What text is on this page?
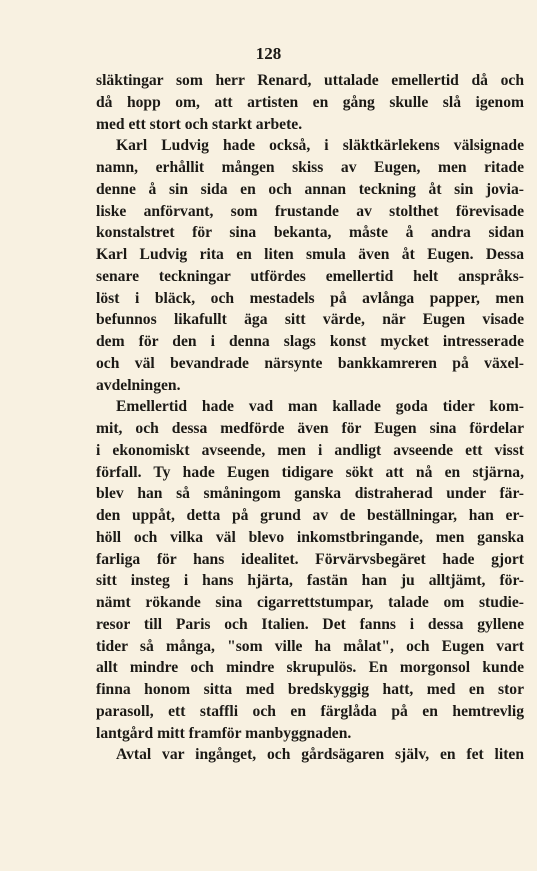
128
släktingar som herr Renard, uttalade emellertid då och
då hopp om, att artisten en gång skulle slå igenom
med ett stort och starkt arbete.
Karl Ludvig hade också, i släktkärlekens välsignade
namn, erhållit mången skiss av Eugen, men ritade
denne å sin sida en och annan teckning åt sin jovia-
liske anförvant, som frustande av stolthet förevisade
konstalstret för sina bekanta, måste å andra sidan
Karl Ludvig rita en liten smula även åt Eugen. Dessa
senare teckningar utfördes emellertid helt anspråks-
löst i bläck, och mestadels på avlånga papper, men
befunnos likafullt äga sitt värde, när Eugen visade
dem för den i denna slags konst mycket intresserade
och väl bevandrade närsynte bankkamreren på växel-
avdelningen.
Emellertid hade vad man kallade goda tider kom-
mit, och dessa medförde även för Eugen sina fördelar
i ekonomiskt avseende, men i andligt avseende ett visst
förfall. Ty hade Eugen tidigare sökt att nå en stjärna,
blev han så småningom ganska distraherad under fär-
den uppåt, detta på grund av de beställningar, han er-
höll och vilka väl blevo inkomstbringande, men ganska
farliga för hans idealitet. Förvärvsbegäret hade gjort
sitt insteg i hans hjärta, fastän han ju alltjämt, för-
nämt rökande sina cigarrettstumpar, talade om studie-
resor till Paris och Italien. Det fanns i dessa gyllene
tider så många, "som ville ha målat", och Eugen vart
allt mindre och mindre skrupulös. En morgonsol kunde
finna honom sitta med bredskyggig hatt, med en stor
parasoll, ett staffli och en färglåda på en hemtrevlig
lantgård mitt framför manbyggnaden.
Avtal var ingånget, och gårdsägaren själv, en fet liten
